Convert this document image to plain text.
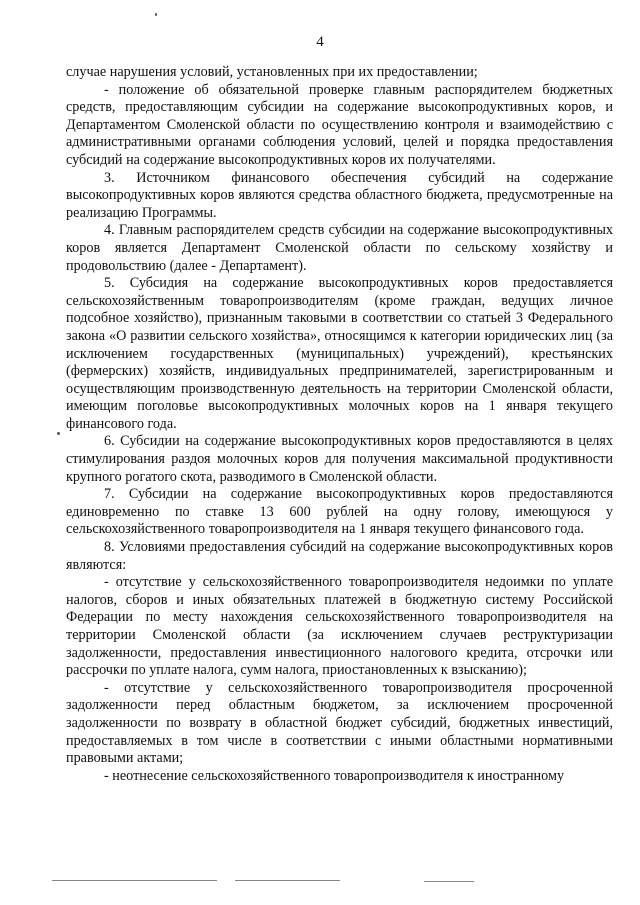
4

случае нарушения условий, установленных при их предоставлении;

- положение об обязательной проверке главным распорядителем бюджетных средств, предоставляющим субсидии на содержание высокопродуктивных коров, и Департаментом Смоленской области по осуществлению контроля и взаимодействию с административными органами соблюдения условий, целей и порядка предоставления субсидий на содержание высокопродуктивных коров их получателями.

3. Источником финансового обеспечения субсидий на содержание высокопродуктивных коров являются средства областного бюджета, предусмотренные на реализацию Программы.

4. Главным распорядителем средств субсидии на содержание высокопродуктивных коров является Департамент Смоленской области по сельскому хозяйству и продовольствию (далее - Департамент).

5. Субсидия на содержание высокопродуктивных коров предоставляется сельскохозяйственным товаропроизводителям (кроме граждан, ведущих личное подсобное хозяйство), признанным таковыми в соответствии со статьей 3 Федерального закона «О развитии сельского хозяйства», относящимся к категории юридических лиц (за исключением государственных (муниципальных) учреждений), крестьянских (фермерских) хозяйств, индивидуальных предпринимателей, зарегистрированным и осуществляющим производственную деятельность на территории Смоленской области, имеющим поголовье высокопродуктивных молочных коров на 1 января текущего финансового года.

6. Субсидии на содержание высокопродуктивных коров предоставляются в целях стимулирования раздоя молочных коров для получения максимальной продуктивности крупного рогатого скота, разводимого в Смоленской области.

7. Субсидии на содержание высокопродуктивных коров предоставляются единовременно по ставке 13 600 рублей на одну голову, имеющуюся у сельскохозяйственного товаропроизводителя на 1 января текущего финансового года.

8. Условиями предоставления субсидий на содержание высокопродуктивных коров являются:

- отсутствие у сельскохозяйственного товаропроизводителя недоимки по уплате налогов, сборов и иных обязательных платежей в бюджетную систему Российской Федерации по месту нахождения сельскохозяйственного товаропроизводителя на территории Смоленской области (за исключением случаев реструктуризации задолженности, предоставления инвестиционного налогового кредита, отсрочки или рассрочки по уплате налога, сумм налога, приостановленных к взысканию);

- отсутствие у сельскохозяйственного товаропроизводителя просроченной задолженности перед областным бюджетом, за исключением просроченной задолженности по возврату в областной бюджет субсидий, бюджетных инвестиций, предоставляемых в том числе в соответствии с иными областными нормативными правовыми актами;

- неотнесение сельскохозяйственного товаропроизводителя к иностранному
